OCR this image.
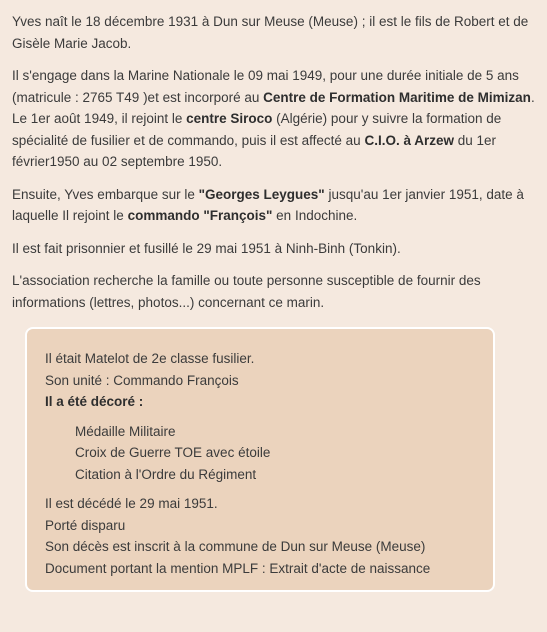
Yves naît le 18 décembre 1931 à Dun sur Meuse (Meuse) ; il est le fils de Robert et de Gisèle Marie Jacob.

Il s'engage dans la Marine Nationale le 09 mai 1949, pour une durée initiale de 5 ans (matricule : 2765 T49 )et est incorporé au Centre de Formation Maritime de Mimizan. Le 1er août 1949, il rejoint le centre Siroco (Algérie) pour y suivre la formation de spécialité de fusilier et de commando, puis il est affecté au C.I.O. à Arzew du 1er février1950 au 02 septembre 1950.

Ensuite, Yves embarque sur le "Georges Leygues" jusqu'au 1er janvier 1951, date à laquelle Il rejoint le commando "François" en Indochine.

Il est fait prisonnier et fusillé le 29 mai 1951 à Ninh-Binh (Tonkin).

L'association recherche la famille ou toute personne susceptible de fournir des informations (lettres, photos...) concernant ce marin.

Il était Matelot de 2e classe fusilier.
Son unité : Commando François
Il a été décoré :
Médaille Militaire
Croix de Guerre TOE avec étoile
Citation à l'Ordre du Régiment
Il est décédé le 29 mai 1951.
Porté disparu
Son décès est inscrit à la commune de Dun sur Meuse (Meuse)
Document portant la mention MPLF : Extrait d'acte de naissance
